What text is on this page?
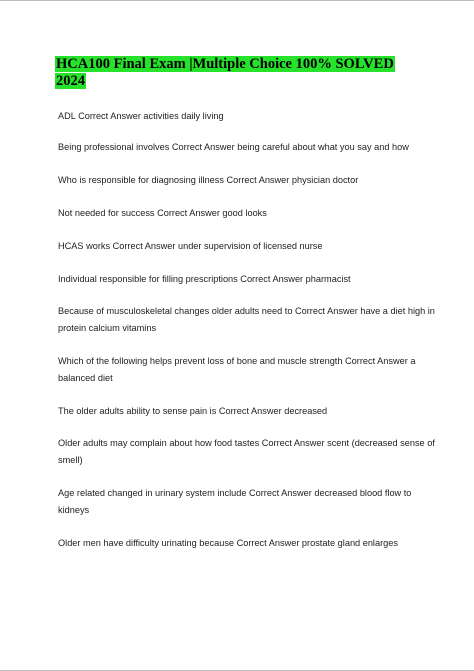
HCA100 Final Exam |Multiple Choice 100% SOLVED 2024

ADL Correct Answer activities daily living

Being professional involves Correct Answer being careful about what you say and how

Who is responsible for diagnosing illness Correct Answer physician doctor

Not needed for success Correct Answer good looks

HCAS works Correct Answer under supervision of licensed nurse

Individual responsible for filling prescriptions Correct Answer pharmacist

Because of musculoskeletal changes older adults need to Correct Answer have a diet high in protein calcium vitamins

Which of the following helps prevent loss of bone and muscle strength Correct Answer a balanced diet

The older adults ability to sense pain is Correct Answer decreased

Older adults may complain about how food tastes Correct Answer scent (decreased sense of smell)

Age related changed in urinary system include Correct Answer decreased blood flow to kidneys

Older men have difficulty urinating because Correct Answer prostate gland enlarges
